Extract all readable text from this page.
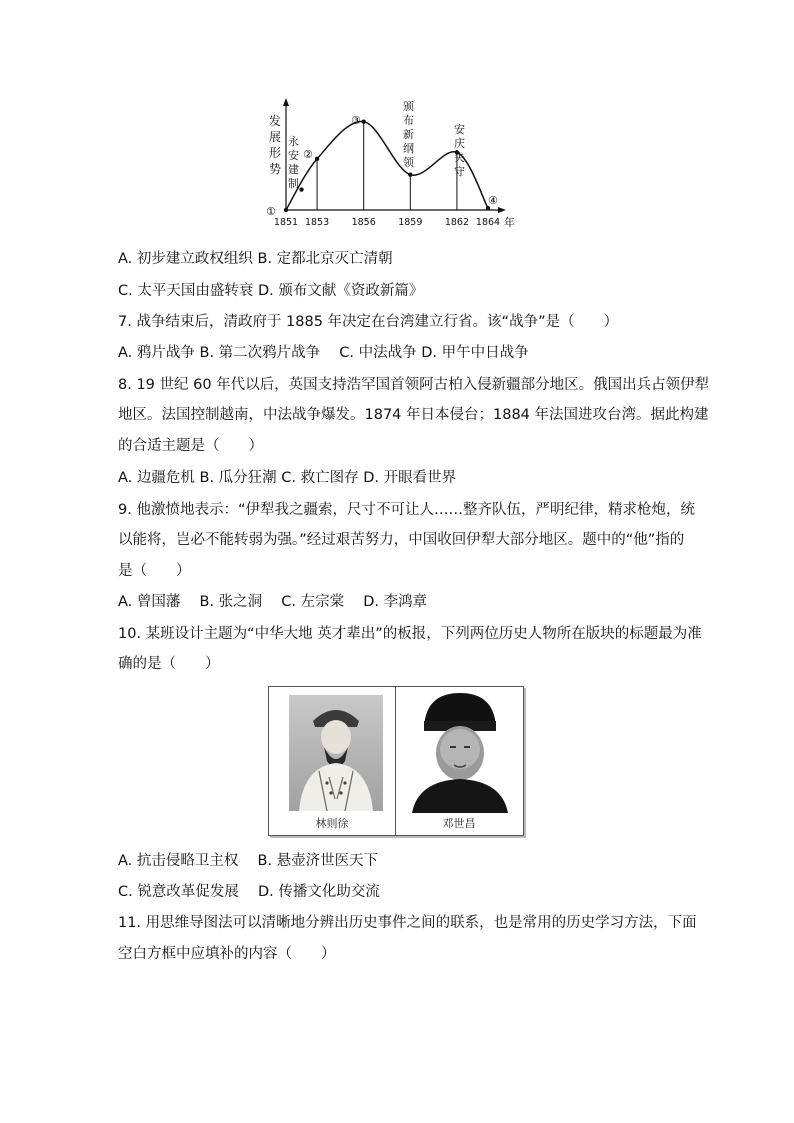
发
展
形
势
年
1851 1853 1856 1859 1862 1864
①
②
③
④
永
安
建
制
颁
布
新
纲
领
安
庆
失
守
A. 初步建立政权组织 B. 定都北京灭亡清朝
C. 太平天国由盛转衰 D. 颁布文献《资政新篇》
7. 战争结束后，清政府于 1885 年决定在台湾建立行省。该“战争”是（　　）
A. 鸦片战争 B. 第二次鸦片战争　 C. 中法战争 D. 甲午中日战争
8. 19 世纪 60 年代以后，英国支持浩罕国首领阿古柏入侵新疆部分地区。俄国出兵占领伊犁
地区。法国控制越南，中法战争爆发。1874 年日本侵台；1884 年法国进攻台湾。据此构建
的合适主题是（　　）
A. 边疆危机 B. 瓜分狂潮 C. 救亡图存 D. 开眼看世界
9. 他激愤地表示：“伊犁我之疆索，尺寸不可让人……整齐队伍，严明纪律，精求枪炮，统
以能将，岂必不能转弱为强。”经过艰苦努力，中国收回伊犁大部分地区。题中的“他”指的
是（　　）
A. 曾国藩　 B. 张之洞　 C. 左宗棠　 D. 李鸿章
10. 某班设计主题为“中华大地 英才辈出”的板报，下列两位历史人物所在版块的标题最为准
确的是（　　）
林则徐	邓世昌
A. 抗击侵略卫主权　 B. 悬壶济世医天下
C. 锐意改革促发展　 D. 传播文化助交流
11. 用思维导图法可以清晰地分辨出历史事件之间的联系，也是常用的历史学习方法，下面
空白方框中应填补的内容（　　）
